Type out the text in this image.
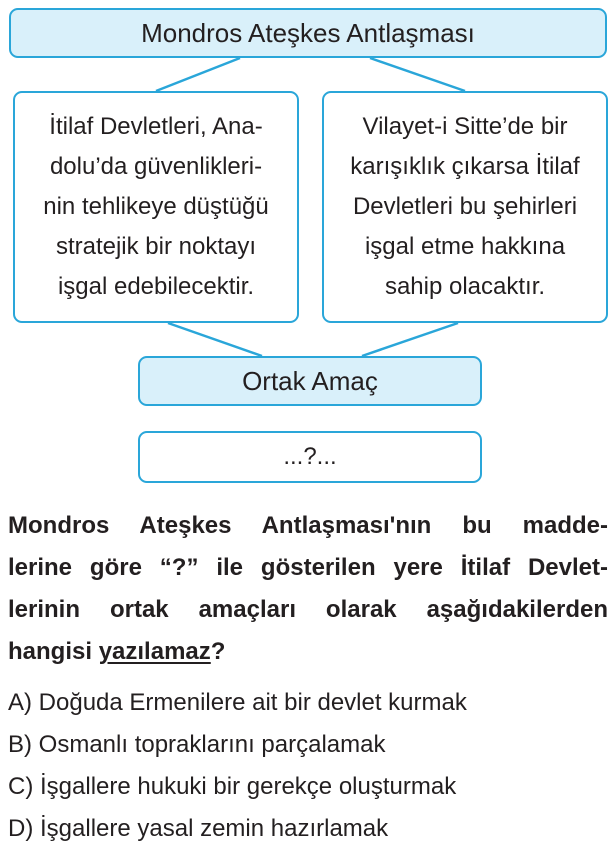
Mondros Ateşkes Antlaşması
İtilaf Devletleri, Ana-
dolu’da güvenlikleri-
nin tehlikeye düştüğü
stratejik bir noktayı
işgal edebilecektir.
Vilayet-i Sitte’de bir
karışıklık çıkarsa İtilaf
Devletleri bu şehirleri
işgal etme hakkına
sahip olacaktır.
Ortak Amaç
...?...
Mondros Ateşkes Antlaşması'nın bu madde-
lerine göre “?” ile gösterilen yere İtilaf Devlet-
lerinin ortak amaçları olarak aşağıdakilerden
hangisi yazılamaz?
A) Doğuda Ermenilere ait bir devlet kurmak
B) Osmanlı topraklarını parçalamak
C) İşgallere hukuki bir gerekçe oluşturmak
D) İşgallere yasal zemin hazırlamak
